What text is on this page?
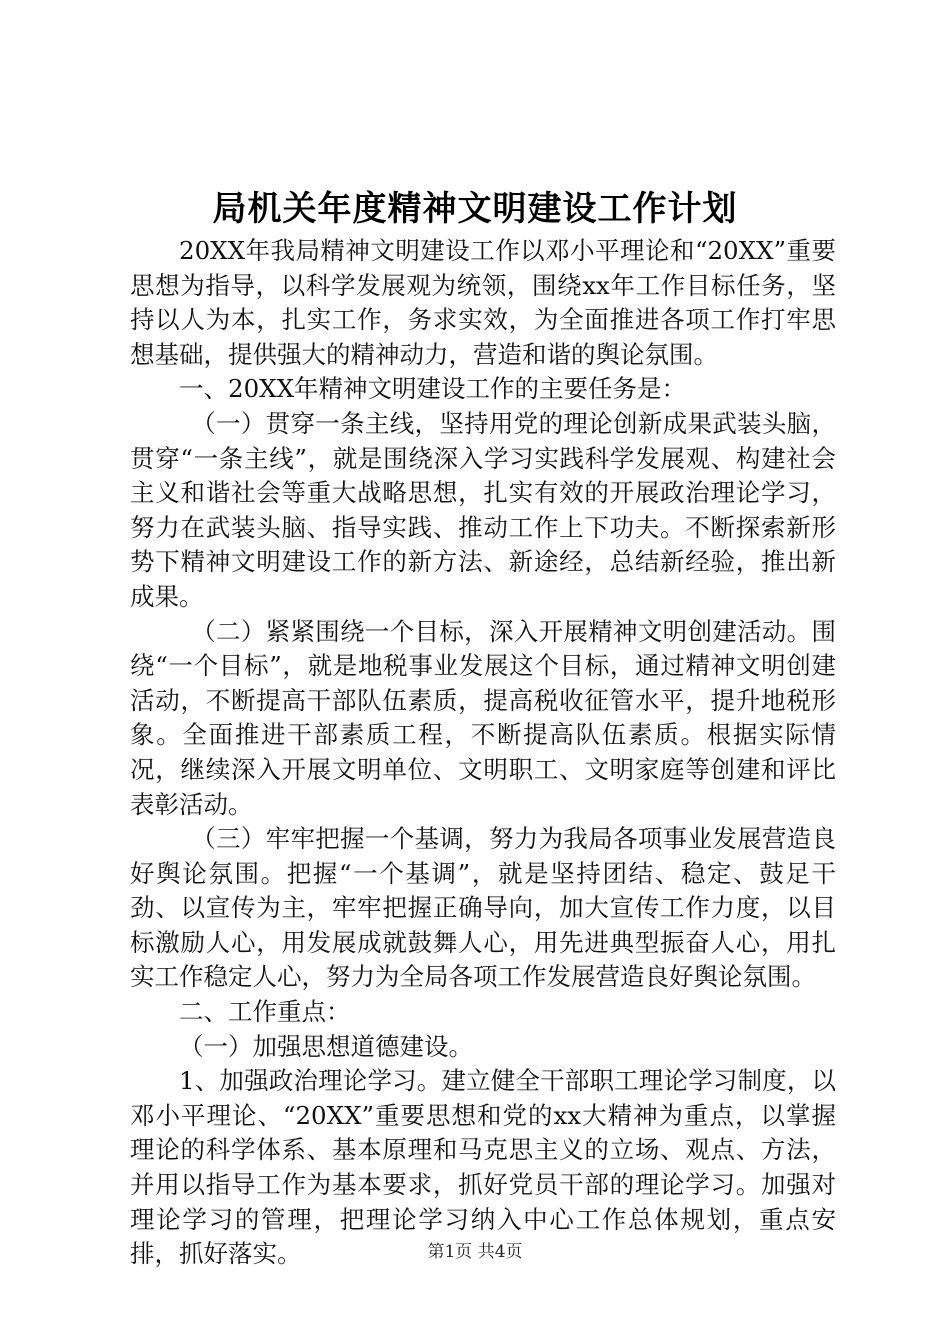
局机关年度精神文明建设工作计划

20XX年我局精神文明建设工作以邓小平理论和“20XX”重要思想为指导，以科学发展观为统领，围绕xx年工作目标任务，坚持以人为本，扎实工作，务求实效，为全面推进各项工作打牢思想基础，提供强大的精神动力，营造和谐的舆论氛围。

一、20XX年精神文明建设工作的主要任务是：

（一）贯穿一条主线，坚持用党的理论创新成果武装头脑，贯穿“一条主线”，就是围绕深入学习实践科学发展观、构建社会主义和谐社会等重大战略思想，扎实有效的开展政治理论学习，努力在武装头脑、指导实践、推动工作上下功夫。不断探索新形势下精神文明建设工作的新方法、新途经，总结新经验，推出新成果。

（二）紧紧围绕一个目标，深入开展精神文明创建活动。围绕“一个目标”，就是地税事业发展这个目标，通过精神文明创建活动，不断提高干部队伍素质，提高税收征管水平，提升地税形象。全面推进干部素质工程，不断提高队伍素质。根据实际情况，继续深入开展文明单位、文明职工、文明家庭等创建和评比表彰活动。

（三）牢牢把握一个基调，努力为我局各项事业发展营造良好舆论氛围。把握“一个基调”，就是坚持团结、稳定、鼓足干劲、以宣传为主，牢牢把握正确导向，加大宣传工作力度，以目标激励人心，用发展成就鼓舞人心，用先进典型振奋人心，用扎实工作稳定人心，努力为全局各项工作发展营造良好舆论氛围。

二、工作重点：

（一）加强思想道德建设。

1、加强政治理论学习。建立健全干部职工理论学习制度，以邓小平理论、“20XX”重要思想和党的xx大精神为重点，以掌握理论的科学体系、基本原理和马克思主义的立场、观点、方法，并用以指导工作为基本要求，抓好党员干部的理论学习。加强对理论学习的管理，把理论学习纳入中心工作总体规划，重点安排，抓好落实。	第1页 共4页
